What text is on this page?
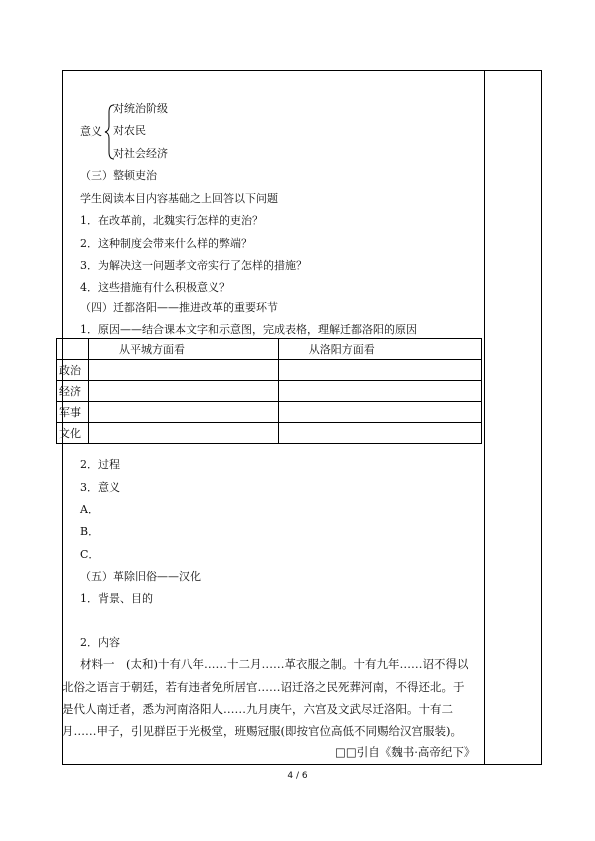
意义
对统治阶级
对农民
对社会经济
（三）整顿吏治
学生阅读本目内容基础之上回答以下问题
1．在改革前，北魏实行怎样的吏治？
2．这种制度会带来什么样的弊端？
3．为解决这一问题孝文帝实行了怎样的措施？
4．这些措施有什么积极意义？
（四）迁都洛阳——推进改革的重要环节
1．原因——结合课本文字和示意图，完成表格，理解迁都洛阳的原因
	从平城方面看	从洛阳方面看
政治		
经济		
军事		
文化		
2．过程
3．意义
A．
B．
C．
（五）革除旧俗——汉化
1．背景、目的
2．内容
材料一　(太和)十有八年……十二月……革衣服之制。十有九年……诏不得以
北俗之语言于朝廷，若有违者免所居官……诏迁洛之民死葬河南，不得还北。于
是代人南迁者，悉为河南洛阳人……九月庚午，六宫及文武尽迁洛阳。十有二
月……甲子，引见群臣于光极堂，班赐冠服(即按官位高低不同赐给汉宫服装)。
□□引自《魏书·高帝纪下》
4 / 6
